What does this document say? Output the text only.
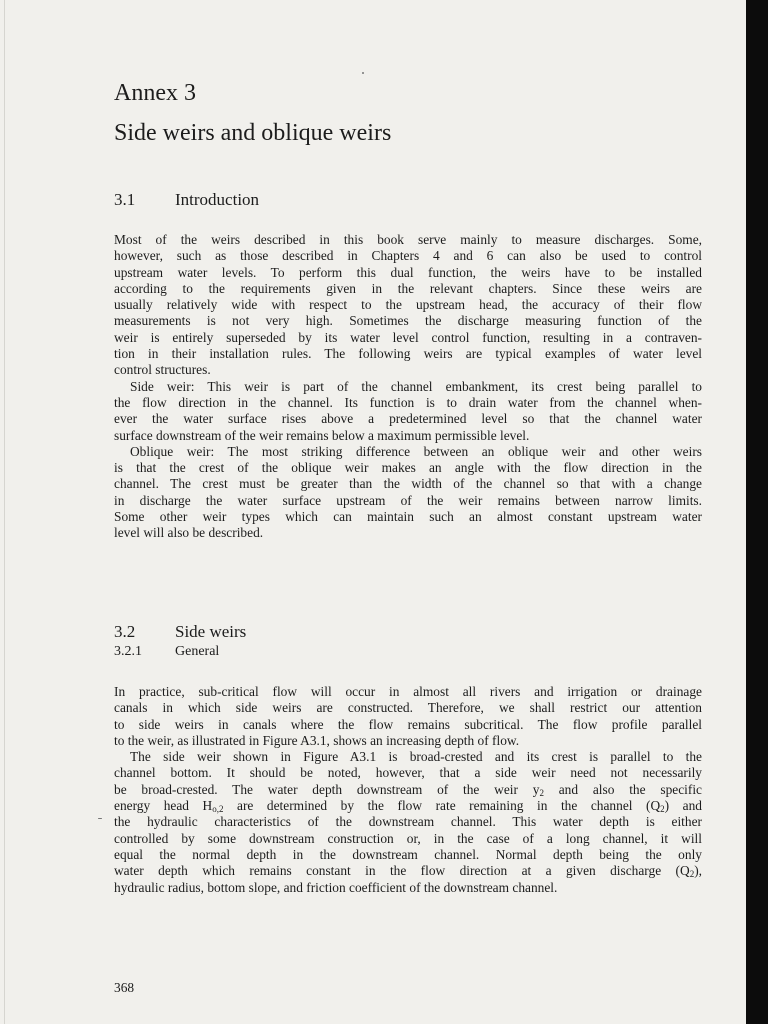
Annex 3
Side weirs and oblique weirs
3.1 Introduction
Most of the weirs described in this book serve mainly to measure discharges. Some,
however, such as those described in Chapters 4 and 6 can also be used to control
upstream water levels. To perform this dual function, the weirs have to be installed
according to the requirements given in the relevant chapters. Since these weirs are
usually relatively wide with respect to the upstream head, the accuracy of their flow
measurements is not very high. Sometimes the discharge measuring function of the
weir is entirely superseded by its water level control function, resulting in a contraven-
tion in their installation rules. The following weirs are typical examples of water level
control structures.
Side weir: This weir is part of the channel embankment, its crest being parallel to
the flow direction in the channel. Its function is to drain water from the channel when-
ever the water surface rises above a predetermined level so that the channel water
surface downstream of the weir remains below a maximum permissible level.
Oblique weir: The most striking difference between an oblique weir and other weirs
is that the crest of the oblique weir makes an angle with the flow direction in the
channel. The crest must be greater than the width of the channel so that with a change
in discharge the water surface upstream of the weir remains between narrow limits.
Some other weir types which can maintain such an almost constant upstream water
level will also be described.
3.2 Side weirs
3.2.1 General
In practice, sub-critical flow will occur in almost all rivers and irrigation or drainage
canals in which side weirs are constructed. Therefore, we shall restrict our attention
to side weirs in canals where the flow remains subcritical. The flow profile parallel
to the weir, as illustrated in Figure A3.1, shows an increasing depth of flow.
The side weir shown in Figure A3.1 is broad-crested and its crest is parallel to the
channel bottom. It should be noted, however, that a side weir need not necessarily
be broad-crested. The water depth downstream of the weir $y_2$ and also the specific
energy head $H_{o,2}$ are determined by the flow rate remaining in the channel $(Q_2)$ and
the hydraulic characteristics of the downstream channel. This water depth is either
controlled by some downstream construction or, in the case of a long channel, it will
equal the normal depth in the downstream channel. Normal depth being the only
water depth which remains constant in the flow direction at a given discharge $(Q_2)$,
hydraulic radius, bottom slope, and friction coefficient of the downstream channel.
368
